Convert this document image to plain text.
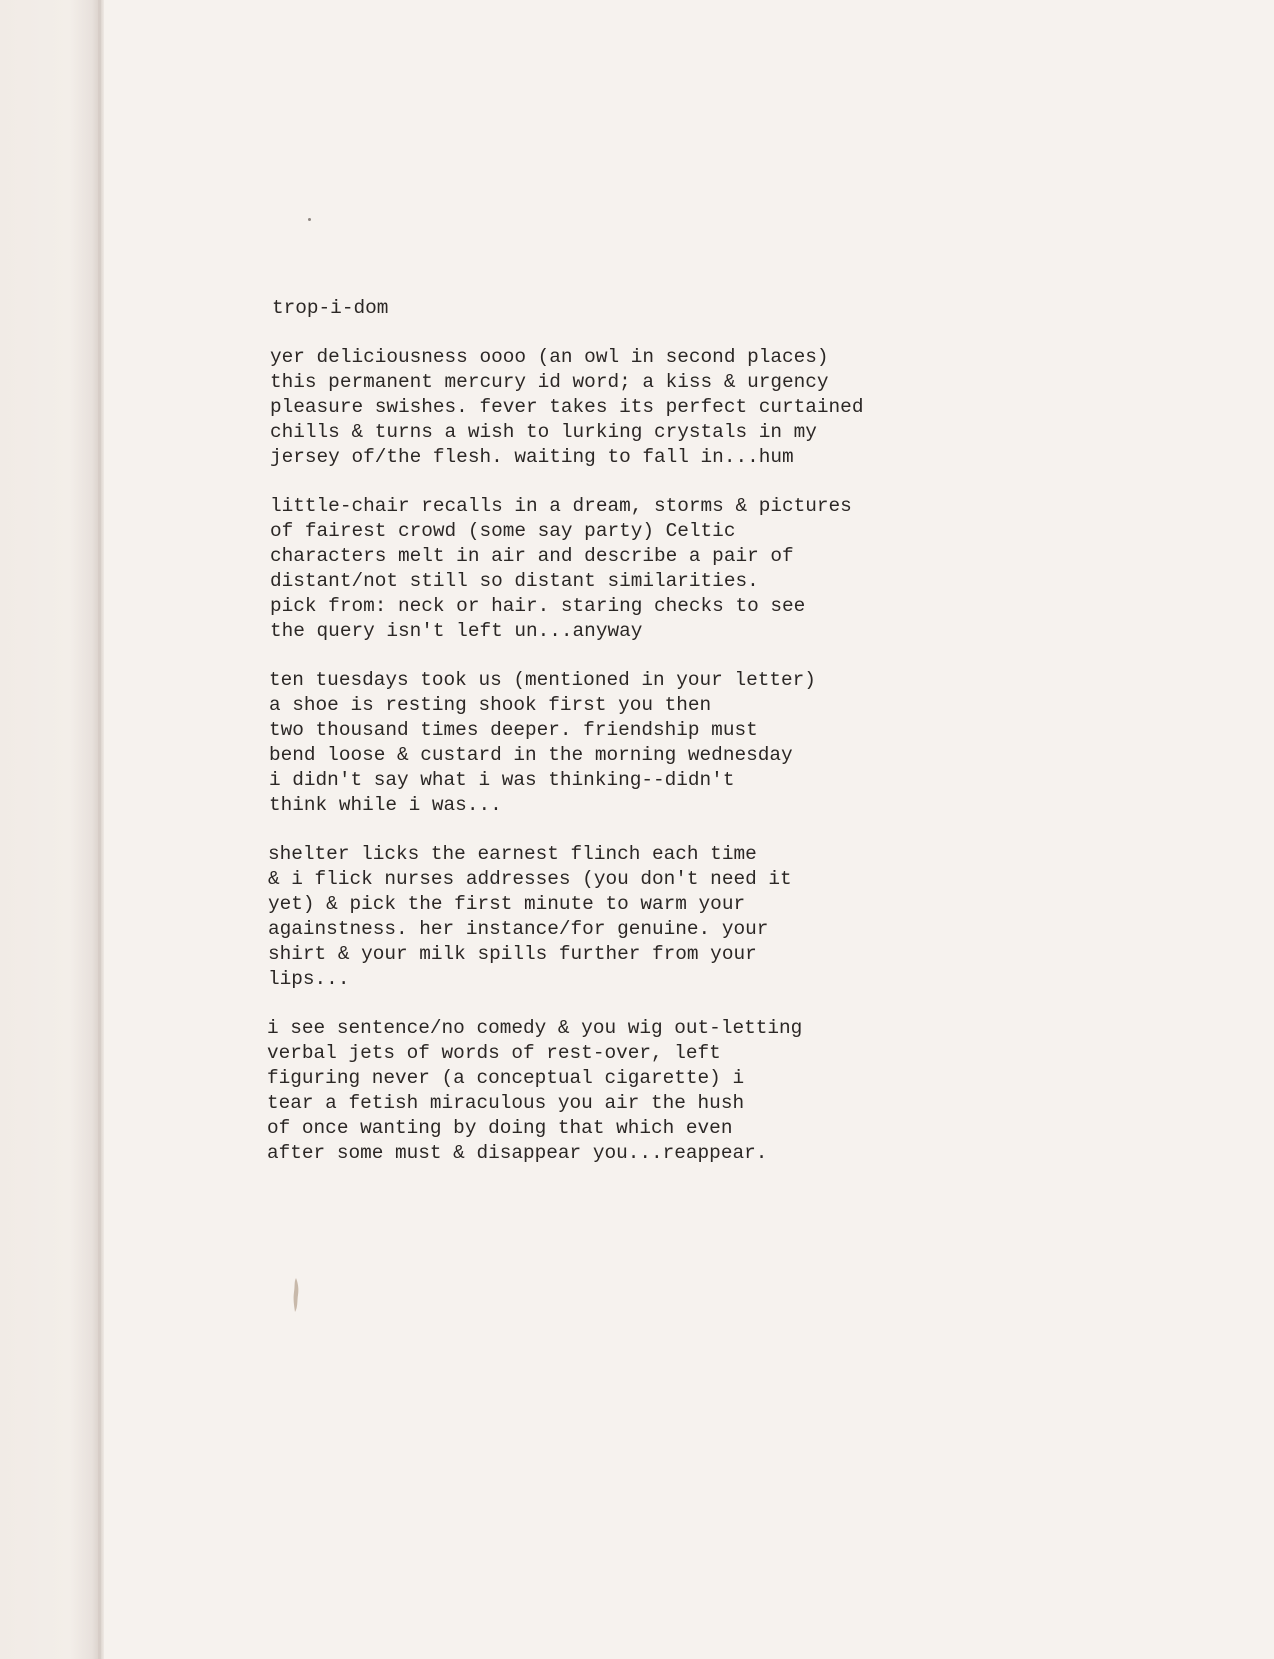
trop-i-dom
yer deliciousness oooo (an owl in second places)
this permanent mercury id word; a kiss & urgency
pleasure swishes. fever takes its perfect curtained
chills & turns a wish to lurking crystals in my
jersey of/the flesh. waiting to fall in...hum
little-chair recalls in a dream, storms & pictures
of fairest crowd (some say party) Celtic
characters melt in air and describe a pair of
distant/not still so distant similarities.
pick from: neck or hair. staring checks to see
the query isn't left un...anyway
ten tuesdays took us (mentioned in your letter)
a shoe is resting shook first you then
two thousand times deeper. friendship must
bend loose & custard in the morning wednesday
i didn't say what i was thinking--didn't
think while i was...
shelter licks the earnest flinch each time
& i flick nurses addresses (you don't need it
yet) & pick the first minute to warm your
againstness. her instance/for genuine. your
shirt & your milk spills further from your
lips...
i see sentence/no comedy & you wig out-letting
verbal jets of words of rest-over, left
figuring never (a conceptual cigarette) i
tear a fetish miraculous you air the hush
of once wanting by doing that which even
after some must & disappear you...reappear.
